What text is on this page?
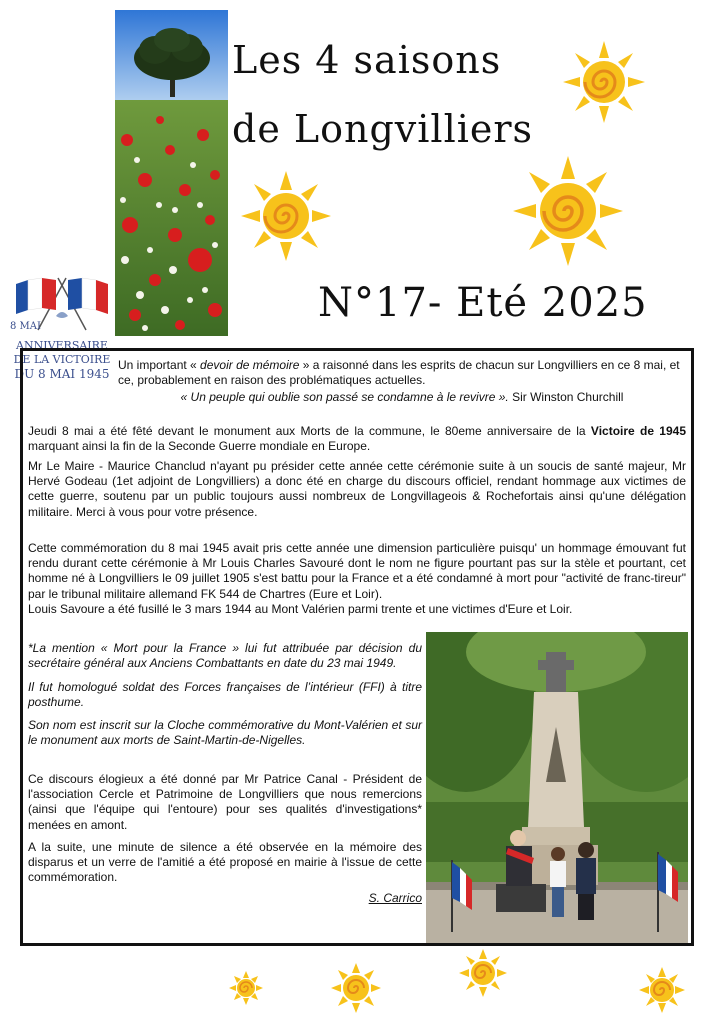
Les 4 saisons
de Longvilliers
N°17- Eté 2025
8 MAI
ANNIVERSAIRE
DE LA VICTOIRE
DU 8 MAI 1945
Un important « devoir de mémoire » a raisonné dans les esprits de chacun sur Longvilliers en ce 8 mai, et ce, probablement en raison des problématiques actuelles.
« Un peuple qui oublie son passé se condamne à le revivre ». Sir Winston Churchill
Jeudi 8 mai a été fêté devant le monument aux Morts de la commune, le 80eme anniversaire de la Victoire de 1945 marquant ainsi la fin de la Seconde Guerre mondiale en Europe.
Mr Le Maire - Maurice Chanclud n'ayant pu présider cette année cette cérémonie suite à un soucis de santé majeur, Mr Hervé Godeau (1et adjoint de Longvilliers) a donc été en charge du discours officiel, rendant hommage aux victimes de cette guerre, soutenu par un public toujours aussi nombreux de Longvillageois & Rochefortais ainsi qu'une délégation militaire. Merci à vous pour votre présence.
Cette commémoration du 8 mai 1945 avait pris cette année une dimension particulière puisqu' un hommage émouvant fut rendu durant cette cérémonie à Mr Louis Charles Savouré dont le nom ne figure pourtant pas sur la stèle et pourtant, cet homme né à Longvilliers le 09 juillet 1905 s'est battu pour la France et a été condamné à mort pour "activité de franc-tireur" par le tribunal militaire allemand FK 544 de Chartres (Eure et Loir).
Louis Savoure a été fusillé le 3 mars 1944 au Mont Valérien parmi trente et une victimes d'Eure et Loir.
*La mention « Mort pour la France » lui fut attribuée par décision du secrétaire général aux Anciens Combattants en date du 23 mai 1949.
Il fut homologué soldat des Forces françaises de l’intérieur (FFI) à titre posthume.
Son nom est inscrit sur la Cloche commémorative du Mont-Valérien et sur le monument aux morts de Saint-Martin-de-Nigelles.
Ce discours élogieux a été donné par Mr Patrice Canal - Président de l'association Cercle et Patrimoine de Longvilliers que nous remercions (ainsi que l'équipe qui l'entoure) pour ses qualités d'investigations* menées en amont.
A la suite, une minute de silence a été observée en la mémoire des disparus et un verre de l'amitié a été proposé en mairie à l'issue de cette commémoration.
S. Carrico
